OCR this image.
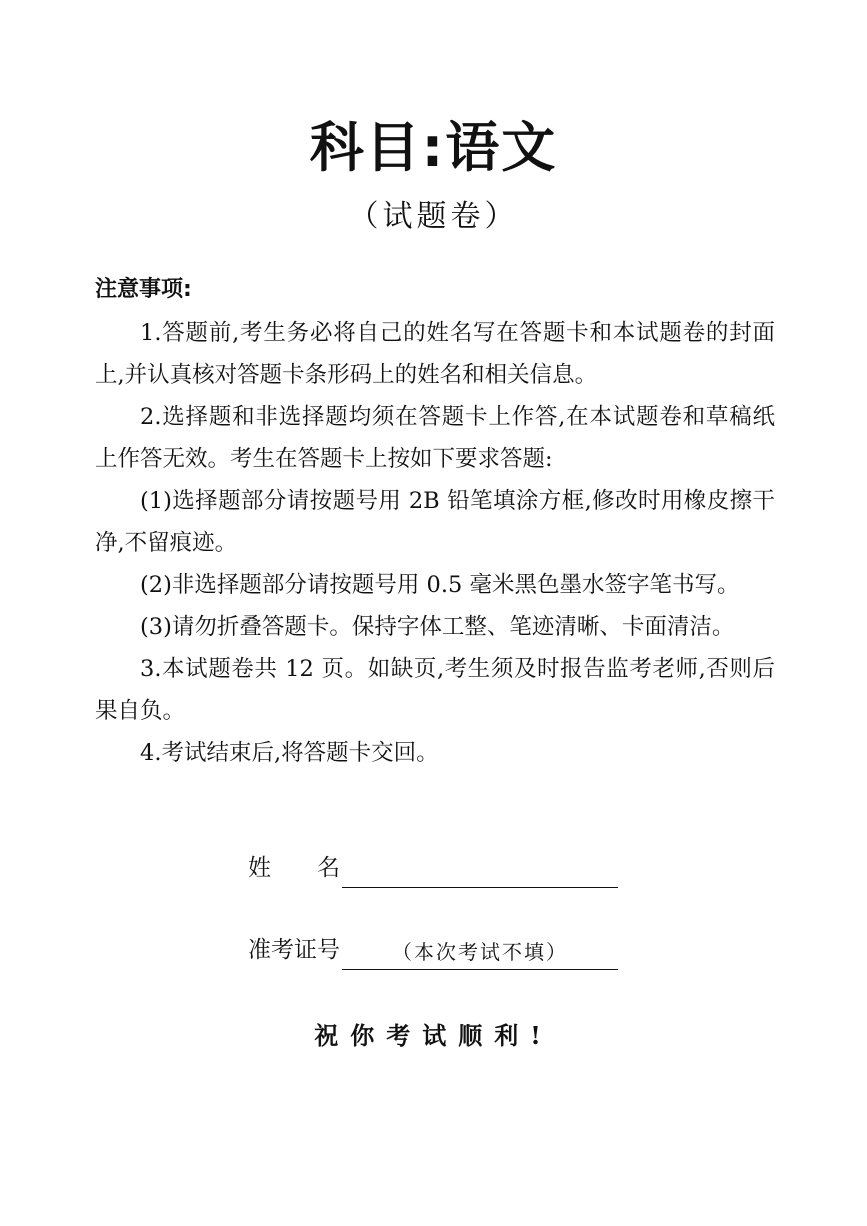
科目:语文
（试题卷）
注意事项:

1.答题前,考生务必将自己的姓名写在答题卡和本试题卷的封面上,并认真核对答题卡条形码上的姓名和相关信息。

2.选择题和非选择题均须在答题卡上作答,在本试题卷和草稿纸上作答无效。考生在答题卡上按如下要求答题:

(1)选择题部分请按题号用 2B 铅笔填涂方框,修改时用橡皮擦干净,不留痕迹。

(2)非选择题部分请按题号用 0.5 毫米黑色墨水签字笔书写。

(3)请勿折叠答题卡。保持字体工整、笔迹清晰、卡面清洁。

3.本试题卷共 12 页。如缺页,考生须及时报告监考老师,否则后果自负。

4.考试结束后,将答题卡交回。

姓　　名
准考证号	（本次考试不填）
祝你考试顺利!
